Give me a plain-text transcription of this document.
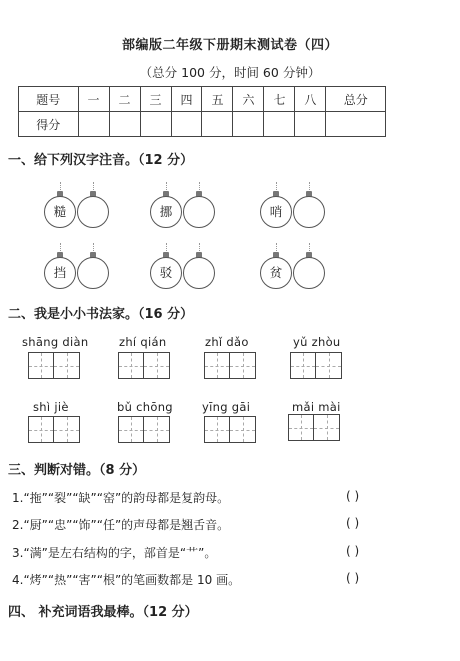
部编版二年级下册期末测试卷（四）
（总分 100 分，时间 60 分钟）
题号	一	二	三	四	五	六	七	八	总分
得分									
一、给下列汉字注音。（12 分）
糙	挪	哨
挡	驳	贫
二、我是小小书法家。（16 分）
shāng diàn	zhí qián	zhǐ dǎo	yǔ zhòu
shì jiè	bǔ chōng	yīng gāi	mǎi mài
三、判断对错。（8 分）
1.“拖”“裂”“缺”“窑”的韵母都是复韵母。	( )
2.“厨”“忠”“饰”“任”的声母都是翘舌音。	( )
3.“满”是左右结构的字，部首是“艹”。	( )
4.“烤”“热”“害”“根”的笔画数都是 10 画。	( )
四、 补充词语我最棒。（12 分）
